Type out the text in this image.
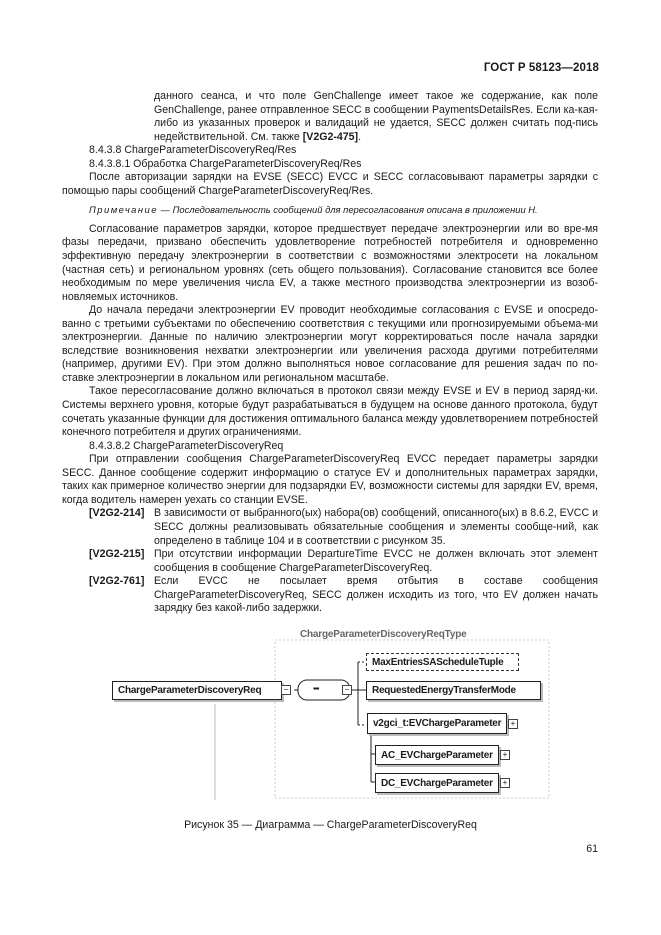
ГОСТ Р 58123—2018

данного сеанса, и что поле GenChallenge имеет такое же содержание, как поле GenChallenge, ранее отправленное SECC в сообщении PaymentsDetailsRes. Если ка-кая-либо из указанных проверок и валидаций не удается, SECC должен считать под-пись недействительной. См. также [V2G2-475].

8.4.3.8 ChargeParameterDiscoveryReq/Res

8.4.3.8.1 Обработка ChargeParameterDiscoveryReq/Res

После авторизации зарядки на EVSE (SECC) EVCC и SECC согласовывают параметры зарядки с помощью пары сообщений ChargeParameterDiscoveryReq/Res.

Примечание — Последовательность сообщений для пересогласования описана в приложении Н.

Согласование параметров зарядки, которое предшествует передаче электроэнергии или во вре-мя фазы передачи, призвано обеспечить удовлетворение потребностей потребителя и одновременно эффективную передачу электроэнергии в соответствии с возможностями электросети на локальном (частная сеть) и региональном уровнях (сеть общего пользования). Согласование становится все более необходимым по мере увеличения числа EV, а также местного производства электроэнергии из возоб-новляемых источников.

До начала передачи электроэнергии EV проводит необходимые согласования с EVSE и опосредо-ванно с третьими субъектами по обеспечению соответствия с текущими или прогнозируемыми объема-ми электроэнергии. Данные по наличию электроэнергии могут корректироваться после начала зарядки вследствие возникновения нехватки электроэнергии или увеличения расхода другими потребителями (например, другими EV). При этом должно выполняться новое согласование для решения задач по по-ставке электроэнергии в локальном или региональном масштабе.

Такое пересогласование должно включаться в протокол связи между EVSE и EV в период заряд-ки. Системы верхнего уровня, которые будут разрабатываться в будущем на основе данного протокола, будут сочетать указанные функции для достижения оптимального баланса между удовлетворением потребностей конечного потребителя и других ограничениями.

8.4.3.8.2 ChargeParameterDiscoveryReq

При отправлении сообщения ChargeParameterDiscoveryReq EVCC передает параметры зарядки SECC. Данное сообщение содержит информацию о статусе EV и дополнительных параметрах зарядки, таких как примерное количество энергии для подзарядки EV, возможности системы для зарядки EV, время, когда водитель намерен уехать со станции EVSE.

[V2G2-214] В зависимости от выбранного(ых) набора(ов) сообщений, описанного(ых) в 8.6.2, EVCC и SECC должны реализовывать обязательные сообщения и элементы сообще-ний, как определено в таблице 104 и в соответствии с рисунком 35.
[V2G2-215] При отсутствии информации DepartureTime EVCC не должен включать этот элемент сообщения в сообщение ChargeParameterDiscoveryReq.
[V2G2-761] Если EVCC не посылает время отбытия в составе сообщения ChargeParameterDiscoveryReq, SECC должен исходить из того, что EV должен начать зарядку без какой-либо задержки.
ChargeParameterDiscoveryReqType
ChargeParameterDiscoveryReq	−	▪▪▪	−
MaxEntriesSAScheduleTuple
RequestedEnergyTransferMode
v2gci_t:EVChargeParameter	+
AC_EVChargeParameter	+
DC_EVChargeParameter	+
Рисунок 35 — Диаграмма — ChargeParameterDiscoveryReq
61
